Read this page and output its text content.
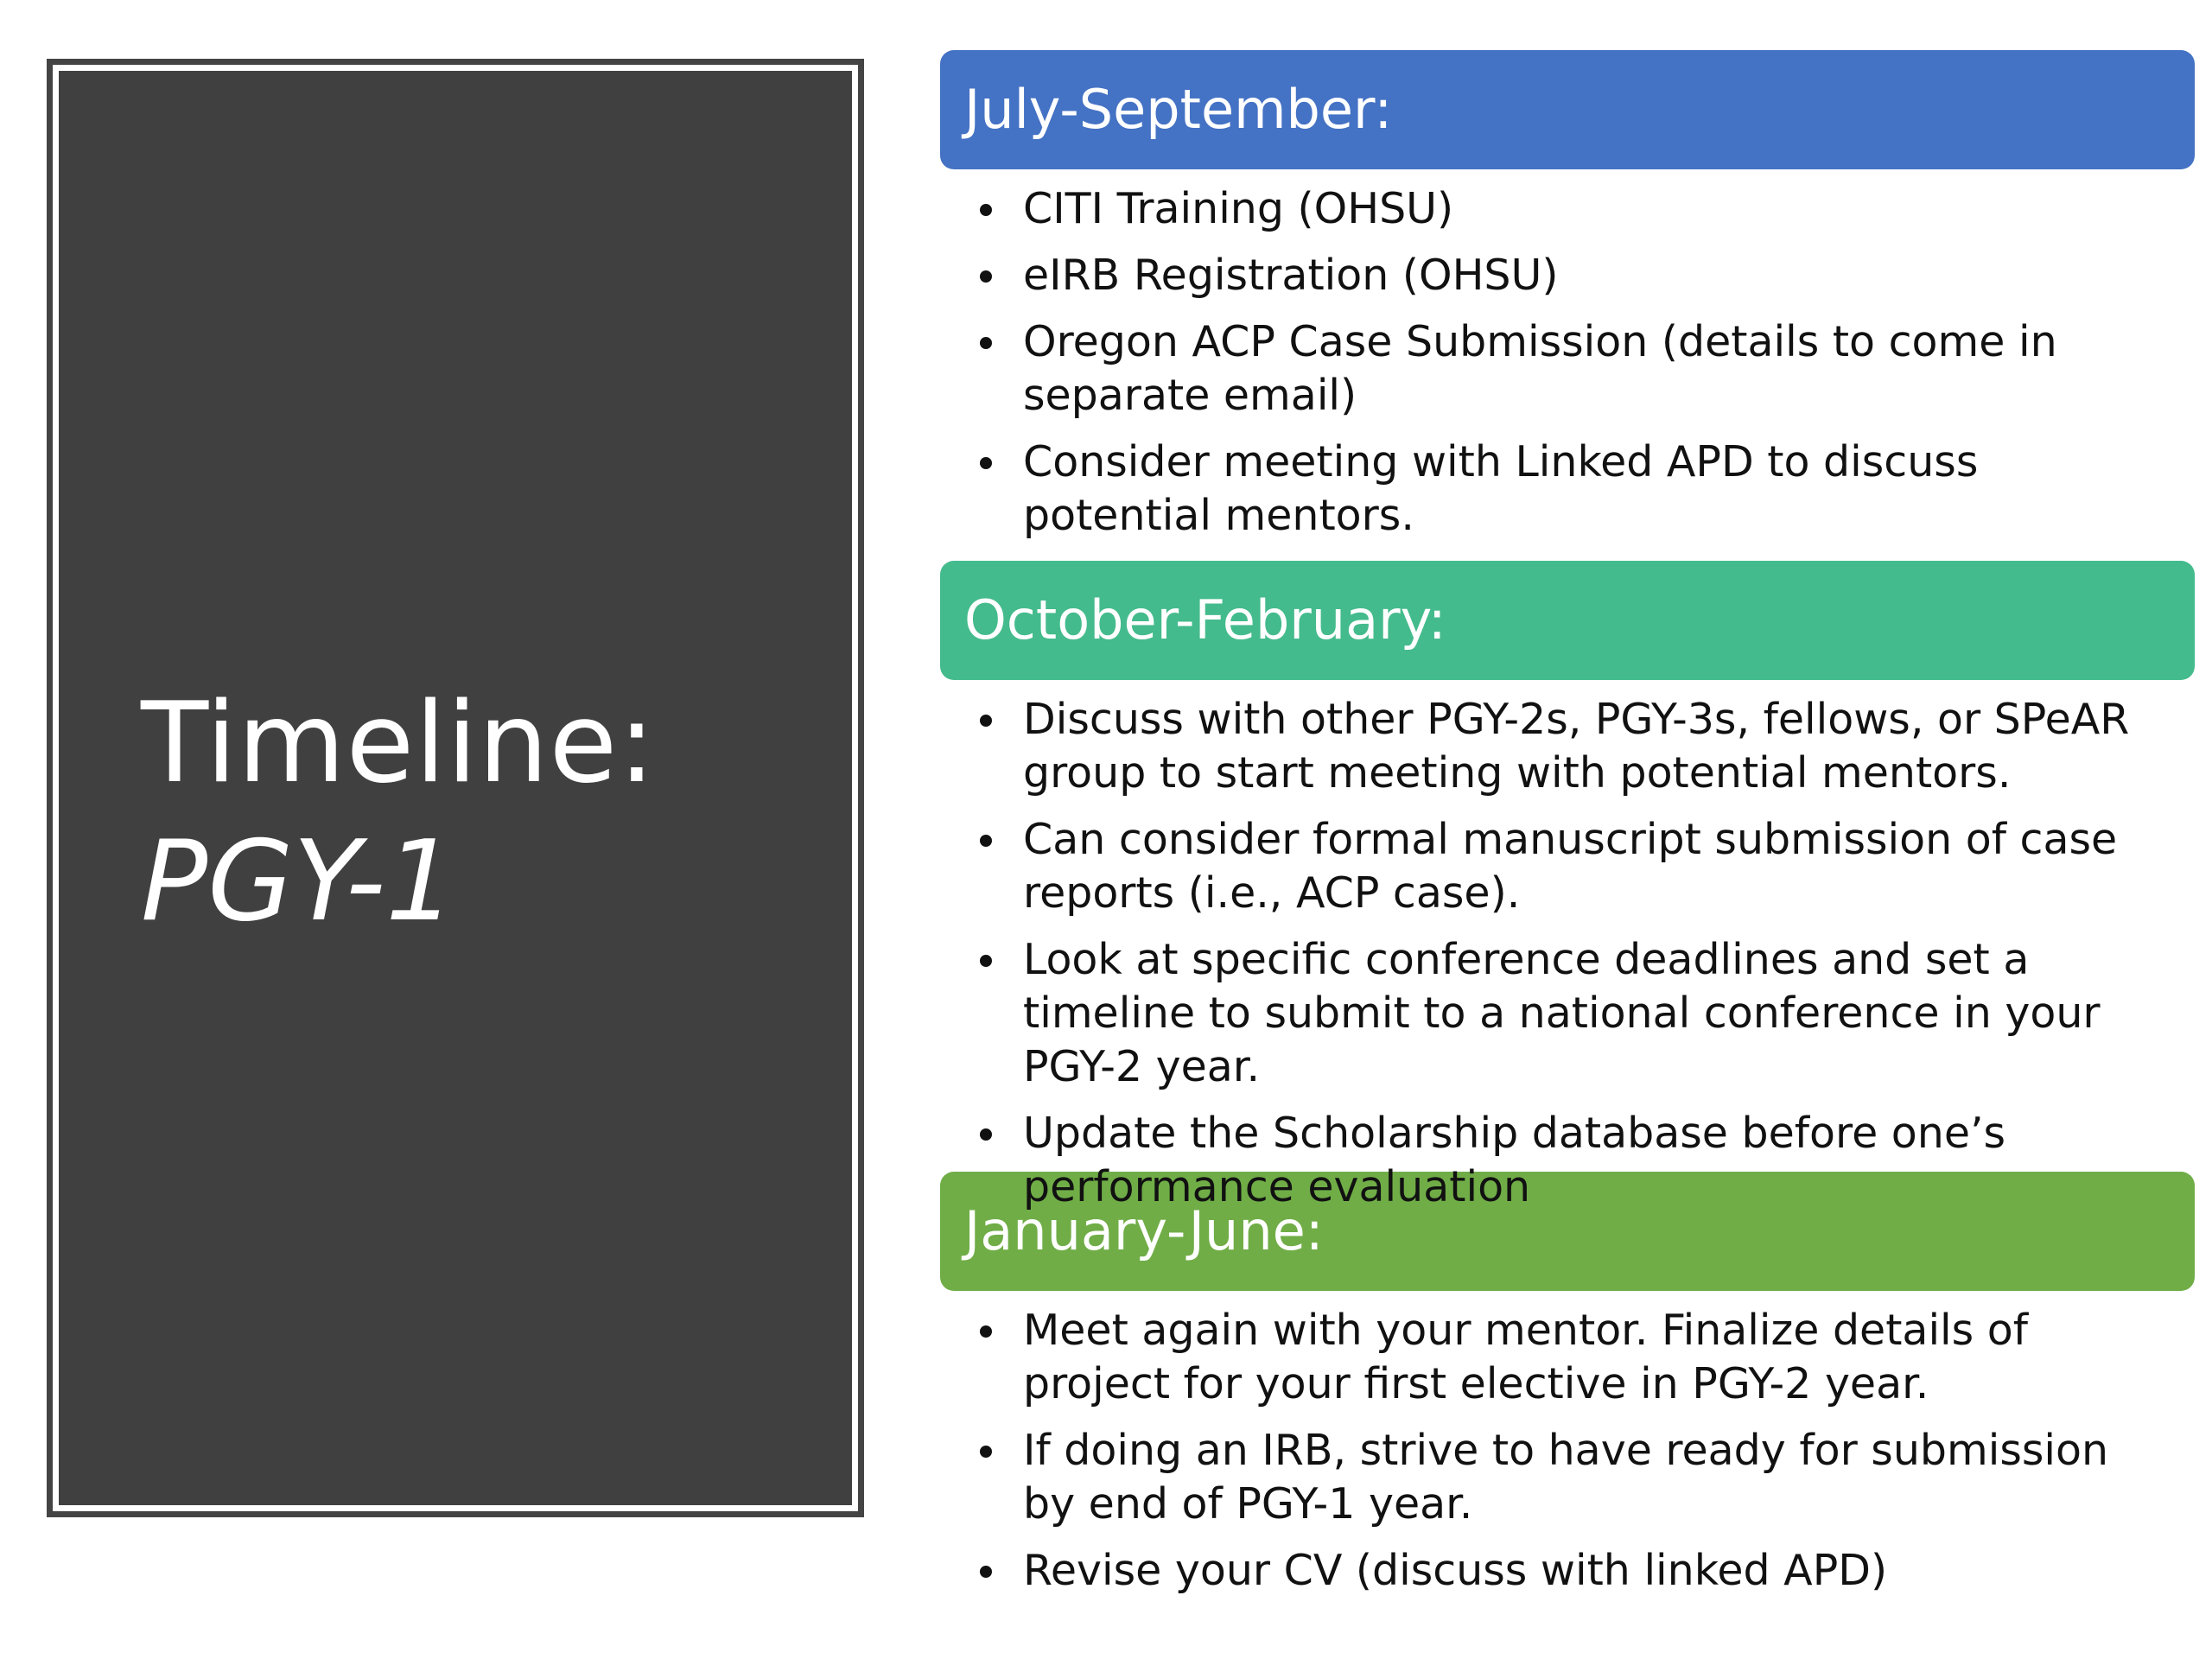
Timeline:
PGY-1
July-September:
CITI Training (OHSU)
eIRB Registration (OHSU)
Oregon ACP Case Submission (details to come in separate email)
Consider meeting with Linked APD to discuss potential mentors.
October-February:
Discuss with other PGY-2s, PGY-3s, fellows, or SPeAR group to start meeting with potential mentors.
Can consider formal manuscript submission of case reports (i.e., ACP case).
Look at specific conference deadlines and set a timeline to submit to a national conference in your PGY-2 year.
Update the Scholarship database before one’s performance evaluation
January-June:
Meet again with your mentor. Finalize details of project for your first elective in PGY-2 year.
If doing an IRB, strive to have ready for submission by end of PGY-1 year.
Revise your CV (discuss with linked APD)
